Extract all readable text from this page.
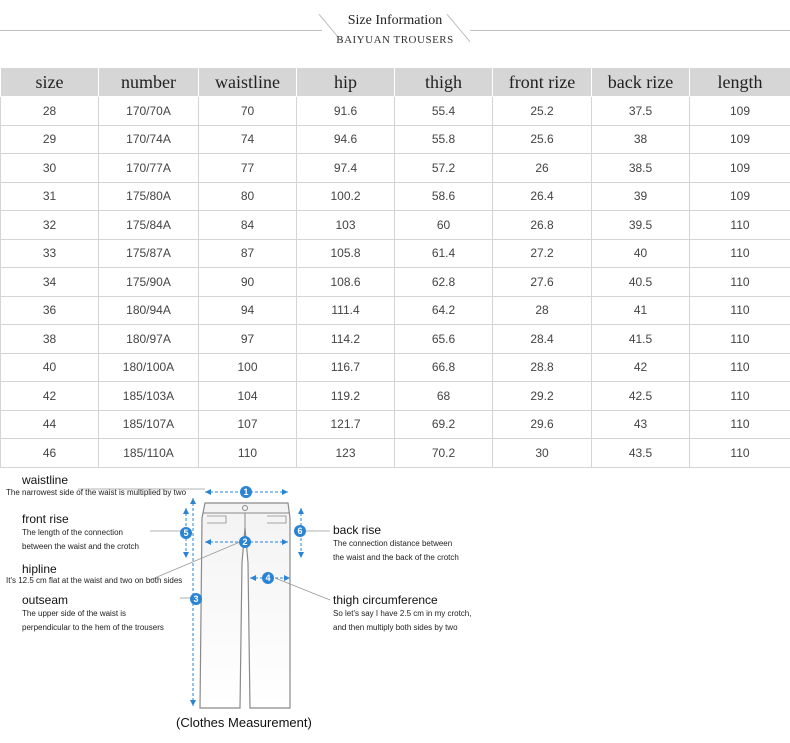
Size Information
BAIYUAN TROUSERS
size	number	waistline	hip	thigh	front rize	back rize	length
28	170/70A	70	91.6	55.4	25.2	37.5	109
29	170/74A	74	94.6	55.8	25.6	38	109
30	170/77A	77	97.4	57.2	26	38.5	109
31	175/80A	80	100.2	58.6	26.4	39	109
32	175/84A	84	103	60	26.8	39.5	110
33	175/87A	87	105.8	61.4	27.2	40	110
34	175/90A	90	108.6	62.8	27.6	40.5	110
36	180/94A	94	111.4	64.2	28	41	110
38	180/97A	97	114.2	65.6	28.4	41.5	110
40	180/100A	100	116.7	66.8	28.8	42	110
42	185/103A	104	119.2	68	29.2	42.5	110
44	185/107A	107	121.7	69.2	29.6	43	110
46	185/110A	110	123	70.2	30	43.5	110
1
2
3
4
5	6
waistline
The narrowest side of the waist is multiplied by two
front rise
The length of the connection
between the waist and the crotch
hipline
It's 12.5 cm flat at the waist and two on both sides
outseam
The upper side of the waist is
perpendicular to the hem of the trousers
back rise
The connection distance between
the waist and the back of the crotch
thigh circumference
So let's say I have 2.5 cm in my crotch,
and then multiply both sides by two
(Clothes Measurement)
